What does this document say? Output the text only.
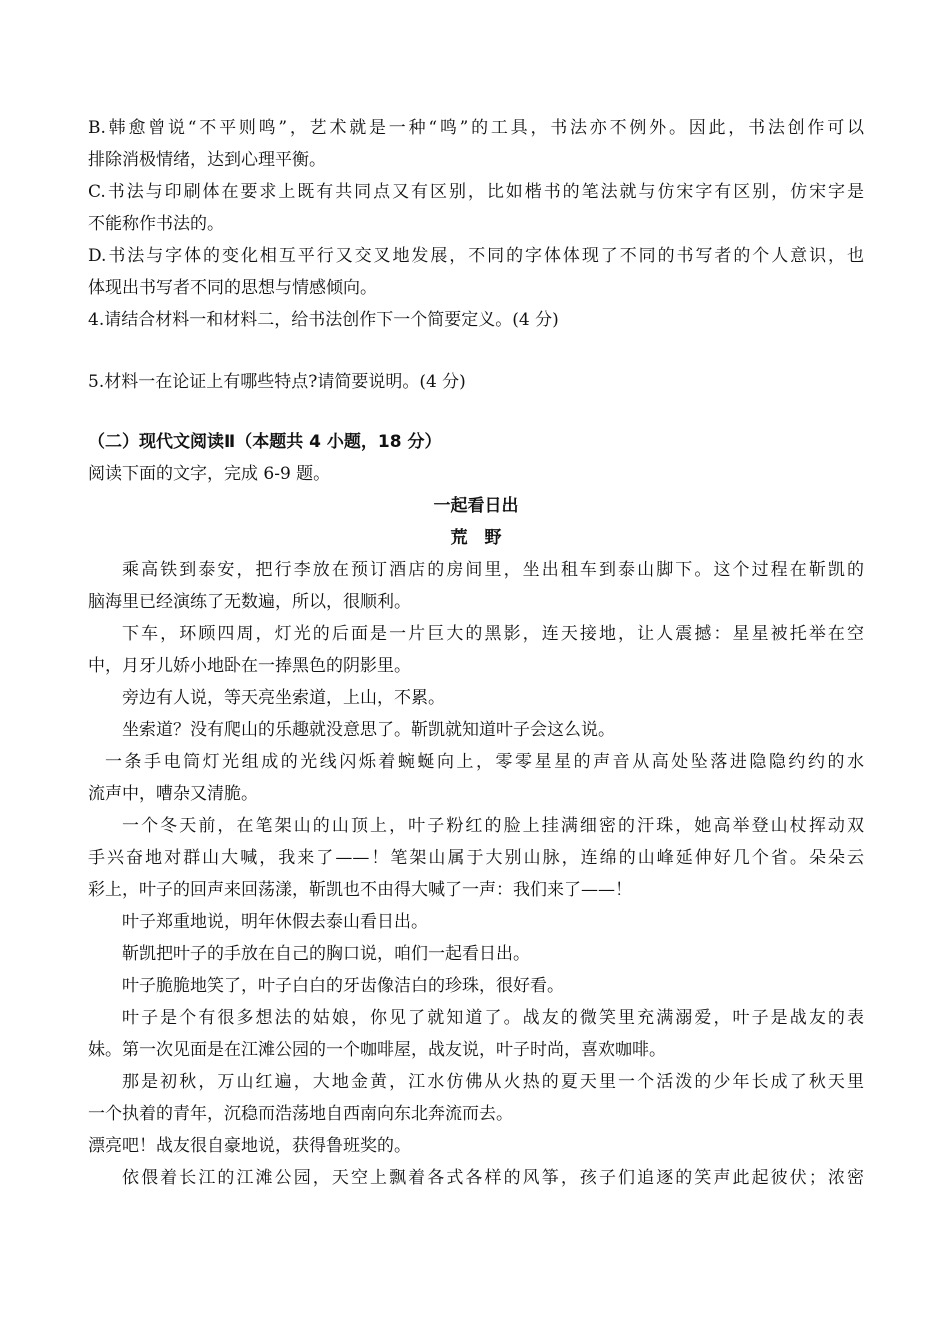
B.韩愈曾说“不平则鸣”，艺术就是一种“鸣”的工具，书法亦不例外。因此，书法创作可以
排除消极情绪，达到心理平衡。
C.书法与印刷体在要求上既有共同点又有区别，比如楷书的笔法就与仿宋字有区别，仿宋字是
不能称作书法的。
D.书法与字体的变化相互平行又交叉地发展，不同的字体体现了不同的书写者的个人意识，也
体现出书写者不同的思想与情感倾向。
4.请结合材料一和材料二，给书法创作下一个简要定义。(4 分)
5.材料一在论证上有哪些特点?请简要说明。(4 分)
（二）现代文阅读Ⅱ（本题共 4 小题，18 分）
阅读下面的文字，完成 6-9 题。
一起看日出
荒　野
乘高铁到泰安，把行李放在预订酒店的房间里，坐出租车到泰山脚下。这个过程在靳凯的
脑海里已经演练了无数遍，所以，很顺利。
下车，环顾四周，灯光的后面是一片巨大的黑影，连天接地，让人震撼：星星被托举在空
中，月牙儿娇小地卧在一捧黑色的阴影里。
旁边有人说，等天亮坐索道，上山，不累。
坐索道？没有爬山的乐趣就没意思了。靳凯就知道叶子会这么说。
一条手电筒灯光组成的光线闪烁着蜿蜒向上，零零星星的声音从高处坠落进隐隐约约的水
流声中，嘈杂又清脆。
一个冬天前，在笔架山的山顶上，叶子粉红的脸上挂满细密的汗珠，她高举登山杖挥动双
手兴奋地对群山大喊，我来了——！笔架山属于大别山脉，连绵的山峰延伸好几个省。朵朵云
彩上，叶子的回声来回荡漾，靳凯也不由得大喊了一声：我们来了——！
叶子郑重地说，明年休假去泰山看日出。
靳凯把叶子的手放在自己的胸口说，咱们一起看日出。
叶子脆脆地笑了，叶子白白的牙齿像洁白的珍珠，很好看。
叶子是个有很多想法的姑娘，你见了就知道了。战友的微笑里充满溺爱，叶子是战友的表
妹。第一次见面是在江滩公园的一个咖啡屋，战友说，叶子时尚，喜欢咖啡。
那是初秋，万山红遍，大地金黄，江水仿佛从火热的夏天里一个活泼的少年长成了秋天里
一个执着的青年，沉稳而浩荡地自西南向东北奔流而去。
漂亮吧！战友很自豪地说，获得鲁班奖的。
依偎着长江的江滩公园，天空上飘着各式各样的风筝，孩子们追逐的笑声此起彼伏；浓密
